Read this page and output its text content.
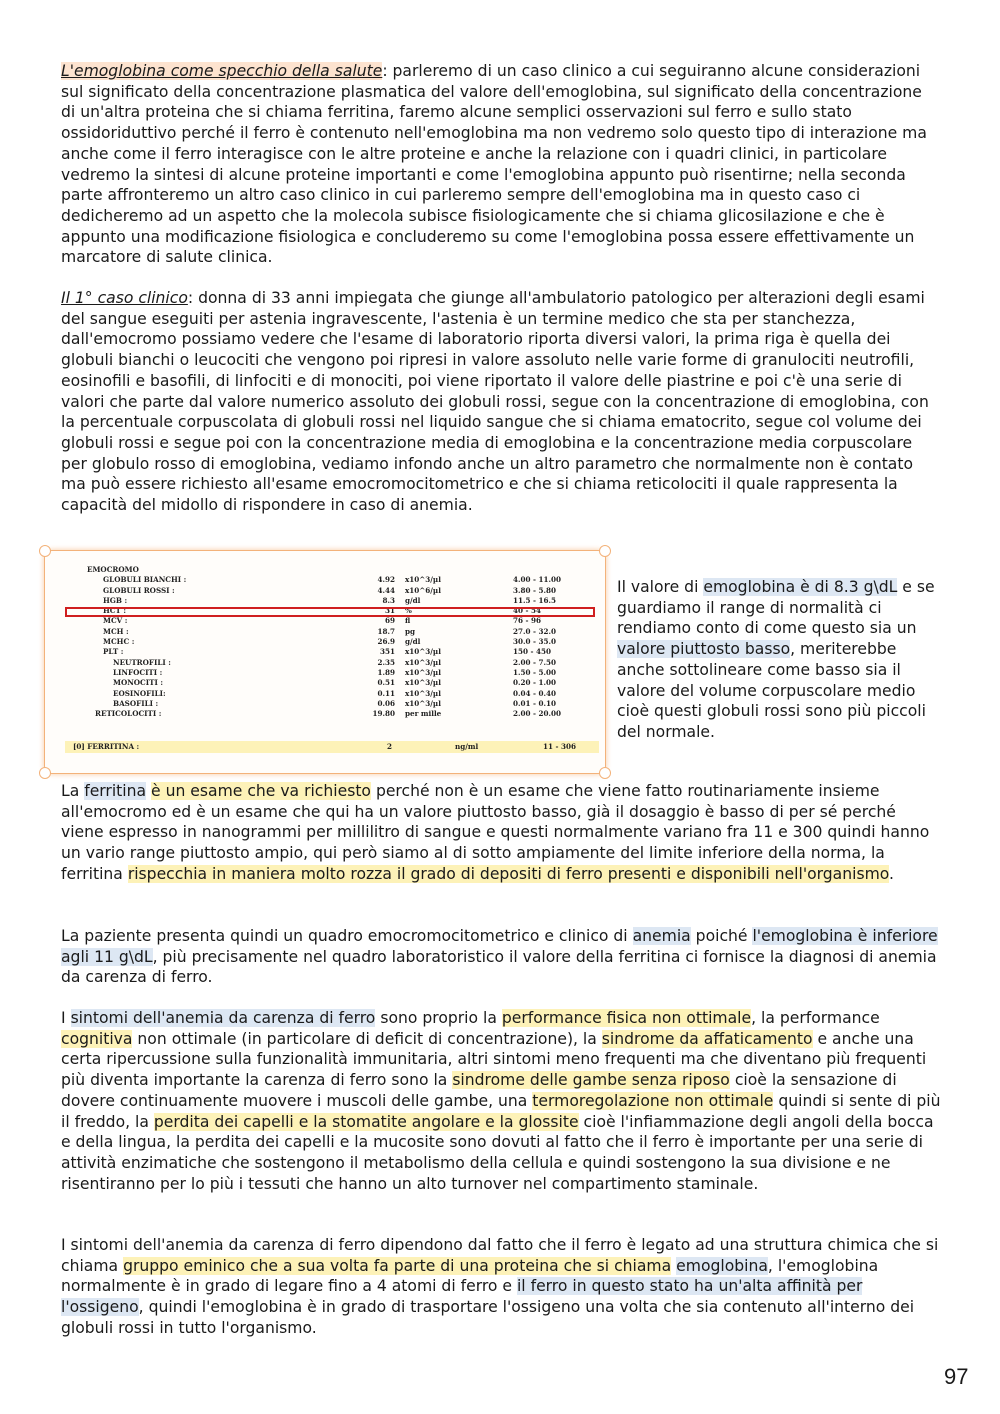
L'emoglobina come specchio della salute: parleremo di un caso clinico a cui seguiranno alcune considerazioni sul significato della concentrazione plasmatica del valore dell'emoglobina, sul significato della concentrazione di un'altra proteina che si chiama ferritina, faremo alcune semplici osservazioni sul ferro e sullo stato ossidoriduttivo perché il ferro è contenuto nell'emoglobina ma non vedremo solo questo tipo di interazione ma anche come il ferro interagisce con le altre proteine e anche la relazione con i quadri clinici, in particolare vedremo la sintesi di alcune proteine importanti e come l'emoglobina appunto può risentirne; nella seconda parte affronteremo un altro caso clinico in cui parleremo sempre dell'emoglobina ma in questo caso ci dedicheremo ad un aspetto che la molecola subisce fisiologicamente che si chiama glicosilazione e che è appunto una modificazione fisiologica e concluderemo su come l'emoglobina possa essere effettivamente un marcatore di salute clinica.

Il 1° caso clinico: donna di 33 anni impiegata che giunge all'ambulatorio patologico per alterazioni degli esami del sangue eseguiti per astenia ingravescente, l'astenia è un termine medico che sta per stanchezza, dall'emocromo possiamo vedere che l'esame di laboratorio riporta diversi valori, la prima riga è quella dei globuli bianchi o leucociti che vengono poi ripresi in valore assoluto nelle varie forme di granulociti neutrofili, eosinofili e basofili, di linfociti e di monociti, poi viene riportato il valore delle piastrine e poi c'è una serie di valori che parte dal valore numerico assoluto dei globuli rossi, segue con la concentrazione di emoglobina, con la percentuale corpuscolata di globuli rossi nel liquido sangue che si chiama ematocrito, segue col volume dei globuli rossi e segue poi con la concentrazione media di emoglobina e la concentrazione media corpuscolare per globulo rosso di emoglobina, vediamo infondo anche un altro parametro che normalmente non è contato ma può essere richiesto all'esame emocromocitometrico e che si chiama reticolociti il quale rappresenta la capacità del midollo di rispondere in caso di anemia.

EMOCROMO
GLOBULI BIANCHI :	4.92 x10^3/µl	4.00 - 11.00
GLOBULI ROSSI :	4.44 x10^6/µl	3.80 - 5.80
HGB :	8.3 g/dl	11.5 - 16.5
HCT :	31 %	40 - 54
MCV :	69 fl	76 - 96
MCH :	18.7 pg	27.0 - 32.0
MCHC :	26.9 g/dl	30.0 - 35.0
PLT :	351 x10^3/µl	150 - 450
NEUTROFILI :	2.35 x10^3/µl	2.00 - 7.50
LINFOCITI :	1.89 x10^3/µl	1.50 - 5.00
MONOCITI :	0.51 x10^3/µl	0.20 - 1.00
EOSINOFILI:	0.11 x10^3/µl	0.04 - 0.40
BASOFILI :	0.06 x10^3/µl	0.01 - 0.10
RETICOLOCITI :	19.80 per mille	2.00 - 20.00
[0] FERRITINA :	2	ng/ml	11 - 306

Il valore di emoglobina è di 8.3 g\dL e se guardiamo il range di normalità ci rendiamo conto di come questo sia un valore piuttosto basso, meriterebbe anche sottolineare come basso sia il valore del volume corpuscolare medio cioè questi globuli rossi sono più piccoli del normale.

La ferritina è un esame che va richiesto perché non è un esame che viene fatto routinariamente insieme all'emocromo ed è un esame che qui ha un valore piuttosto basso, già il dosaggio è basso di per sé perché viene espresso in nanogrammi per millilitro di sangue e questi normalmente variano fra 11 e 300 quindi hanno un vario range piuttosto ampio, qui però siamo al di sotto ampiamente del limite inferiore della norma, la ferritina rispecchia in maniera molto rozza il grado di depositi di ferro presenti e disponibili nell'organismo.

La paziente presenta quindi un quadro emocromocitometrico e clinico di anemia poiché l'emoglobina è inferiore agli 11 g\dL, più precisamente nel quadro laboratoristico il valore della ferritina ci fornisce la diagnosi di anemia da carenza di ferro.

I sintomi dell'anemia da carenza di ferro sono proprio la performance fisica non ottimale, la performance cognitiva non ottimale (in particolare di deficit di concentrazione), la sindrome da affaticamento e anche una certa ripercussione sulla funzionalità immunitaria, altri sintomi meno frequenti ma che diventano più frequenti più diventa importante la carenza di ferro sono la sindrome delle gambe senza riposo cioè la sensazione di dovere continuamente muovere i muscoli delle gambe, una termoregolazione non ottimale quindi si sente di più il freddo, la perdita dei capelli e la stomatite angolare e la glossite cioè l'infiammazione degli angoli della bocca e della lingua, la perdita dei capelli e la mucosite sono dovuti al fatto che il ferro è importante per una serie di attività enzimatiche che sostengono il metabolismo della cellula e quindi sostengono la sua divisione e ne risentiranno per lo più i tessuti che hanno un alto turnover nel compartimento staminale.

I sintomi dell'anemia da carenza di ferro dipendono dal fatto che il ferro è legato ad una struttura chimica che si chiama gruppo eminico che a sua volta fa parte di una proteina che si chiama emoglobina, l'emoglobina normalmente è in grado di legare fino a 4 atomi di ferro e il ferro in questo stato ha un'alta affinità per l'ossigeno, quindi l'emoglobina è in grado di trasportare l'ossigeno una volta che sia contenuto all'interno dei globuli rossi in tutto l'organismo.

97
